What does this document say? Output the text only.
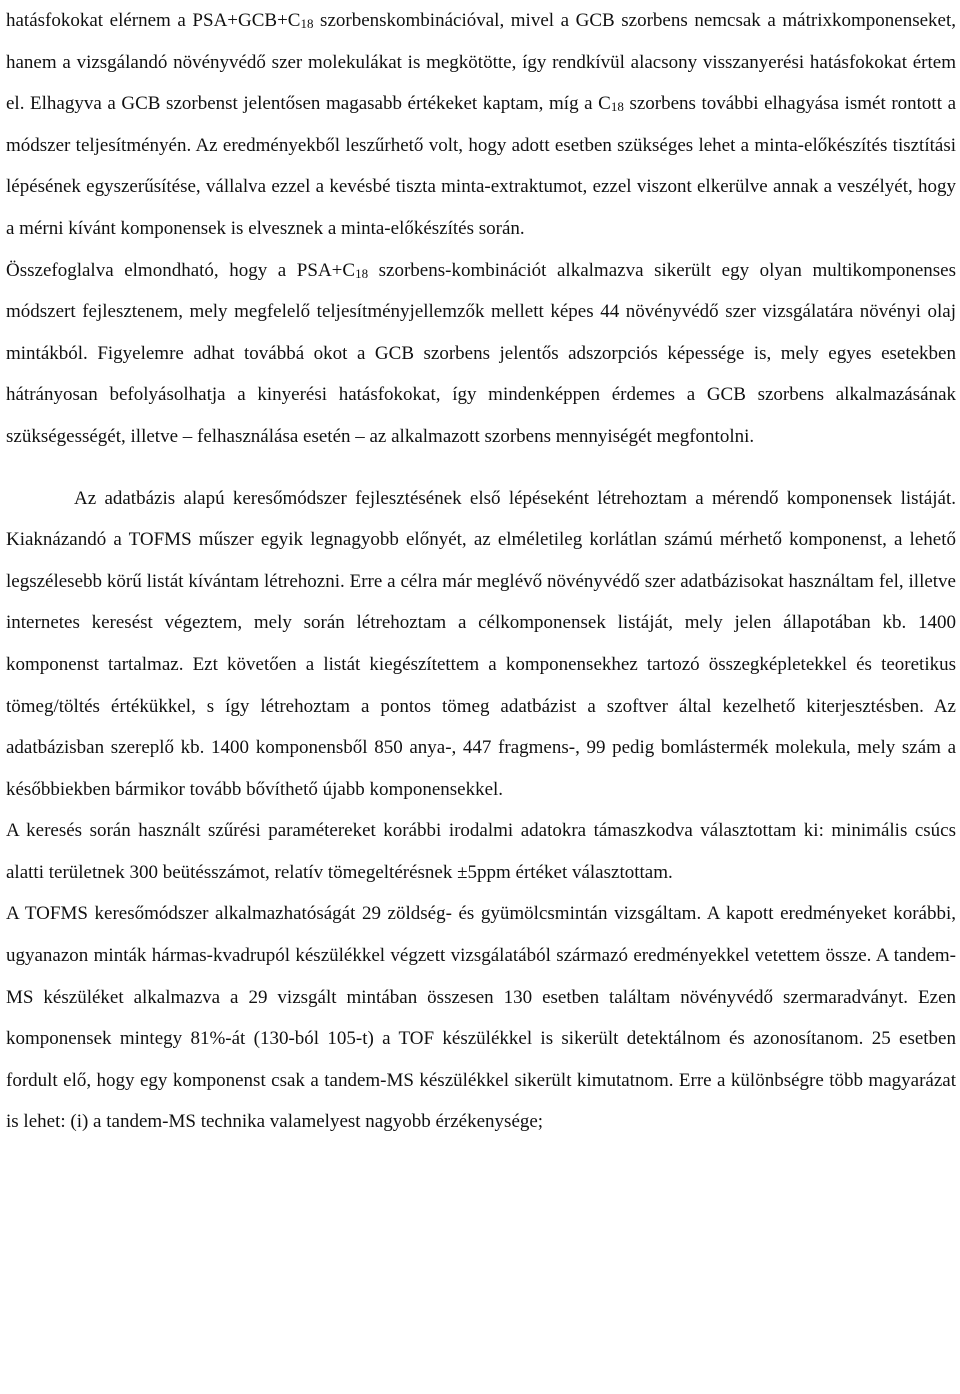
hatásfokokat elérnem a $PSA+GCB+C_{18}$ szorbenskombinációval, mivel a GCB szorbens nemcsak a mátrixkomponenseket, hanem a vizsgálandó növényvédő szer molekulákat is megkötötte, így rendkívül alacsony visszanyerési hatásfokokat értem el. Elhagyva a GCB szorbenst jelentősen magasabb értékeket kaptam, míg a $C_{18}$ szorbens további elhagyása ismét rontott a módszer teljesítményén. Az eredményekből leszűrhető volt, hogy adott esetben szükséges lehet a minta-előkészítés tisztítási lépésének egyszerűsítése, vállalva ezzel a kevésbé tiszta minta-extraktumot, ezzel viszont elkerülve annak a veszélyét, hogy a mérni kívánt komponensek is elvesznek a minta-előkészítés során.

Összefoglalva elmondható, hogy a $PSA+C_{18}$ szorbens-kombinációt alkalmazva sikerült egy olyan multikomponenses módszert fejlesztenem, mely megfelelő teljesítményjellemzők mellett képes 44 növényvédő szer vizsgálatára növényi olaj mintákból. Figyelemre adhat továbbá okot a GCB szorbens jelentős adszorpciós képessége is, mely egyes esetekben hátrányosan befolyásolhatja a kinyerési hatásfokokat, így mindenképpen érdemes a GCB szorbens alkalmazásának szükségességét, illetve – felhasználása esetén – az alkalmazott szorbens mennyiségét megfontolni.

Az adatbázis alapú keresőmódszer fejlesztésének első lépéseként létrehoztam a mérendő komponensek listáját. Kiaknázandó a TOFMS műszer egyik legnagyobb előnyét, az elméletileg korlátlan számú mérhető komponenst, a lehető legszélesebb körű listát kívántam létrehozni. Erre a célra már meglévő növényvédő szer adatbázisokat használtam fel, illetve internetes keresést végeztem, mely során létrehoztam a célkomponensek listáját, mely jelen állapotában kb. 1400 komponenst tartalmaz. Ezt követően a listát kiegészítettem a komponensekhez tartozó összegképletekkel és teoretikus tömeg/töltés értékükkel, s így létrehoztam a pontos tömeg adatbázist a szoftver által kezelhető kiterjesztésben. Az adatbázisban szereplő kb. 1400 komponensből 850 anya-, 447 fragmens-, 99 pedig bomlástermék molekula, mely szám a későbbiekben bármikor tovább bővíthető újabb komponensekkel.

A keresés során használt szűrési paramétereket korábbi irodalmi adatokra támaszkodva választottam ki: minimális csúcs alatti területnek 300 beütésszámot, relatív tömegeltérésnek ±5ppm értéket választottam.

A TOFMS keresőmódszer alkalmazhatóságát 29 zöldség- és gyümölcsmintán vizsgáltam. A kapott eredményeket korábbi, ugyanazon minták hármas-kvadrupól készülékkel végzett vizsgálatából származó eredményekkel vetettem össze. A tandem-MS készüléket alkalmazva a 29 vizsgált mintában összesen 130 esetben találtam növényvédő szermaradványt. Ezen komponensek mintegy 81%-át (130-ból 105-t) a TOF készülékkel is sikerült detektálnom és azonosítanom. 25 esetben fordult elő, hogy egy komponenst csak a tandem-MS készülékkel sikerült kimutatnom. Erre a különbségre több magyarázat is lehet: (i) a tandem-MS technika valamelyest nagyobb érzékenysége;
